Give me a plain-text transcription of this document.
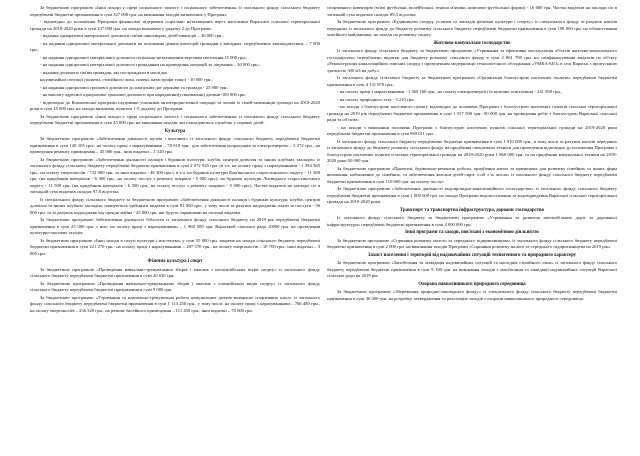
За бюджетною програмою «Інші заходи у сфері соціального захисту і соціального забезпечення» із загального фонду сільського бюджету передбачені бюджетні призначення в сумі 327 000 грн. на виконання заходів визначених у Програмі:
- відповідно до положення Програми фінансової підтримки соціально незахищених верст населення Вараської сільської територіальної громади на 2018-2020 роки в сумі 237 000 грн. на заходи визначені у додатку 2 до Програми:
- надання одноразової матеріальної допомоги сім'ям онкохворих дітей-інвалідів – 30 000 грн.;
- на надання одноразової матеріальної допомоги на поховання деяких категорій громадян у випадках, передбачених законодавством, – 7 000 грн.;
- на надання одноразової матеріальної допомоги соціально-незахищеним верствам населення 15 000 грн.;
- на надання одноразової матеріальної допомоги громадянам на проведення операцій та лікування – 30 000 грн.;
- надання допомоги сім'ям громадян, які постраждали в наслідок
надзвичайної ситуації (пожежі, стихійного лиха, повені, катастрофи тощо) - 10 000 грн.;
- на надання одноразової грошової допомоги до пам'ятних дат держави та громади - 25 000 грн.;
- на виплату адресної одноразової грошової допомоги при народженні(усиновленні) дитини-100 000 грн.
- відповідно до Комплексної програми підтримки учасників антитерористичної операції та членів їх сімей-мешканців громади на 2018-2020 роки в сумі 45 000 грн. на заходи визначені пунктом 1-5 додатку до Програми.
За бюджетною програмою «Інші заходи у сфері соціального захисту і соціального забезпечення» із загального фонду сільського бюджету передбачені бюджетні призначення в сумі 45 000 грн. на виконання заходів, які покладаються службою у справах дітей.
Культура
За бюджетною програмою «Забезпечення діяльності музеїв і виставок» із загального фонду сільського бюджету передбачені бюджетні призначення в сумі 120 105 грн.: на оплату праці з нарахуваннями – 78 810 грн., для забезпечення розрахунків за електроенергію – 3 572 грн., на проведення ремонту приміщення – 45 000 грн., інші видатки – 1 320 грн.
За бюджетною програмою «Забезпечення діяльності палаців і будинків культури, клубів, центрів дозвілля та інших клубних закладів» із загального фонду сільського бюджету передбачені бюджетні призначення в сумі 2 072 945 грн. (в т.ч. на оплату праці з нарахуваннями - 1 394 565 грн., на оплату енергоносіїв - 732 080 грн. та інші видатки - 46 300 грн.), в т.ч. на будинок культури Кам'янського старостинського округу - 11 300 грн. (на придбання матеріалів - 6 300 грн., на оплату послуг з ремонту покрівлі - 5 000 грн.); на будинок культури Лисицького старостинського округу - 11 500 грн. (на придбання матеріалів - 6 500 грн., на оплату послуг з ремонту покрівлі - 5 000 грн.). Частка видатків на заклади сіл в загальній сумі видатків складає 97,8 відсотка.
Із спеціального фонду сільського бюджету за бюджетною програмою «Забезпечення діяльності палаців і будинків культури, клубів, центрів дозвілля та інших клубних закладів» плануються здійснити видатки в сумі 81 000 грн., у тому числі за рахунок надходжень плати за послуги - 36 000 грн. та за рахунок надходжень від оренди майна - 45 000 грн. які будуть спрямовані на поточні видатки.
За бюджетною програмою Забезпечення діяльності бібліотек із загального фонду сільського бюджету на 2019 рік передбачені бюджетні призначення в сумі 25 000 грн. з них: на оплату праці з нарахуваннями – 1 960 500 грн. Вараськой сільської ради 10000 грн. на проведення культурно-масових заходів.
За бюджетною програмою «Інші заходи в галузі культури і мистецтва» у сумі 35 000 грн. зокрема на заходи сільського бюджету передбачені бюджетні призначення в сумі 221 270 грн.: на оплату праці з нарахуваннями – 207 570 грн., на оплату енергоносіїв – 10 700 грн., інші видатки – 3 000 грн.
Фізична культура і спорт
За бюджетною програмою «Проведення навчально-тренувальних зборів і змагань з неолімпійських видів спорту» із загального фонду сільського бюджету передбачені бюджетні призначення в сумі 20 630 грн.
За бюджетною програмою «Проведення навчально-тренувальних зборів і змагань з олімпійських видів спорту» із загального фонду сільського бюджету передбачені бюджетні призначення в сумі 9 000 грн.
За бюджетною програмою «Утримання та навчально-тренувальна робота комунальних дитячо-юнацьких спортивних шкіл» із загального фонду сільського бюджету передбачені бюджетні призначення в сумі 1 114 250 грн., у тому числі: на оплату праці з нарахуваннями – 766 480 грн., на оплату енергоносіїв – 236 320 грн., на ремонт басейного приміщення – 111 450 грн., інші видатки – 70 000 грн.
спортивного інвентарю (м'ячі футбольні, волейбольні, тенісні м'ячики, комплект футбольної форми) - 16 600 грн. Частка видатків на заклади сіл в загальній сумі видатків складає 89,3 відсотка.
За бюджетною програмою «Будівництво споруд, установ та закладів фізичної культури і спорту» із спеціального фонду за рахунок коштів переданих із загального фонду до бюджету розвитку сільського бюджету передбачені бюджетні призначення в сумі 198 000 грн. на облаштування хокейного майданчика, на заходи по розвитку спорту.
Житлово-комунальне господарство
Із загального фонду сільського бюджету за бюджетною програмою «Утримання та ефективна експлуатація об'єктів житлово-комунального господарства» передбачено видатки для бюджету розвитку сільського фонду в сумі 2 861 700 грн. на співфінансування видатків по об'єкту «Реконструкція каналізаційних очисних споруд з проведенням модернізації технологічного обладнання «УМКА-БІО» в селі Вараськ з пропускною здатністю 300 м3 на добу».
Із загального фонду сільського бюджету за бюджетною програмою «Організація благоустрою населених пунктів» передбачені бюджетні призначення в сумі 4 131 870 грн.:
- на оплату праці з нарахуваннями - 1 360 160 грн., на оплату електроенергії (за вуличне освітлення) - 241 500 грн.,
- на оплату природного газу - 3 210 грн.
- на заходи з благоустрою населеного пункту відповідно до положень Програми з благоустрою населених пунктів сільської територіальної громади на 2019 рік передбачені бюджетні призначення в сумі 1 557 500 грн.: 80 000 грн. на проведення робіт з благоустрою Вараської сільської ради та об'єктів;
- на заходи з виконання положень Програми з благоустрою населених пунктів сільської територіальної громади на 2019-2020 роки передбачені бюджетні призначення в сумі 969 011 грн.
Із загального фонду сільського бюджету передбачено бюджетні призначення в сумі 1 910 000 грн., в тому числі за рахунок коштів переданих із загального фонду до бюджету розвитку сільського фонду на придбання спеціальної техніки для проведення відповідно до положення Програми з благоустрою населених пунктів сільської територіальної громади на 2019-2020 роки 1 860 000 грн. та на придбання комунальної техніки на 2019-2020 роки 50 000 грн.
За бюджетною програмою «Проектні, будівельно-ремонтні роботи, придбання житла та приміщень для розвитку сімейних та інших форм виховання, наближених до сімейних, та забезпечення житлом дітей-сиріт, осіб з їх числа» із загального фонду сільського бюджету передбачені бюджетні призначення в сумі 110 000 грн. на оплату послуг.
За бюджетною програмою «Забезпечення діяльності водопровідно-каналізаційного господарства» із загального фонду сільського бюджету передбачені бюджетні призначення в сумі 1 000 000 грн. на заходи Програми водопостачання та водовідведення Вараської сільської територіальної громади на 2019-2020 роки.
Транспорт та транспортна інфраструктура, дорожнє господарство
Із загального фонду сільського бюджету за бюджетною програмою «Утримання та розвиток автомобільних доріг та дорожньої інфраструктури» передбачені бюджетні призначення в сумі 4 000 000 грн.
Інші програми та заходи, пов'язані з економічною діяльністю
За бюджетною програмою «Сприяння розвитку малого та середнього підприємництва» із загального фонду сільського бюджету передбачені бюджетні призначення в сумі 2 000 грн. на виконання заходів Програми «Сприяння розвитку малого та середнього підприємництва на 2019 рік».
Захист населення і територій від надзвичайних ситуацій техногенного та природного характеру
За бюджетною програмою «Запобігання та ліквідація надзвичайних ситуацій та наслідків стихійного лиха» із загального фонду сільського бюджету передбачені бюджетні призначення в сумі 9 100 грн. на виконання заходів з запобігання та ліквідації надзвичайних ситуацій Вараської сільської ради на 2019 рік.
Охорона навколишнього природного середовища
За бюджетною програмою «Збереження природно-заповідного фонду» із спеціального фонду сільського бюджету передбачені бюджетні призначення в сумі 36 000 грн. на розробку, затвердження та реалізацію заходів з охорони навколишнього природного середовища.
